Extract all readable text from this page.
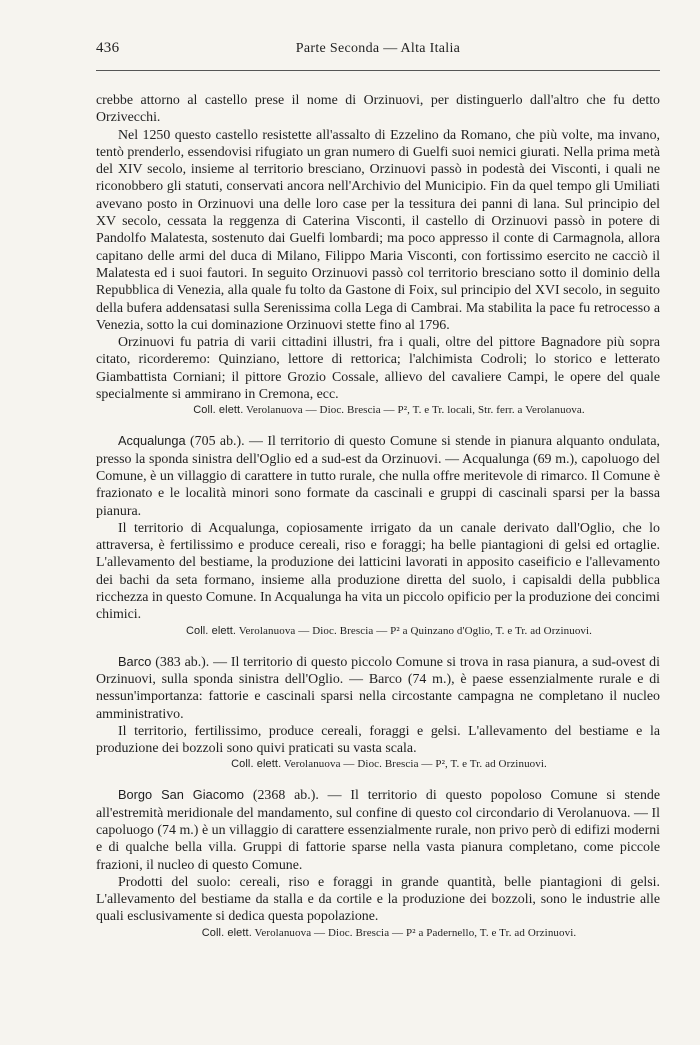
436	Parte Seconda — Alta Italia

crebbe attorno al castello prese il nome di Orzinuovi, per distinguerlo dall'altro che fu detto Orzivecchi.

Nel 1250 questo castello resistette all'assalto di Ezzelino da Romano, che più volte, ma invano, tentò prenderlo, essendovisi rifugiato un gran numero di Guelfi suoi nemici giurati. Nella prima metà del XIV secolo, insieme al territorio bresciano, Orzinuovi passò in podestà dei Visconti, i quali ne riconobbero gli statuti, conservati ancora nell'Archivio del Municipio. Fin da quel tempo gli Umiliati avevano posto in Orzinuovi una delle loro case per la tessitura dei panni di lana. Sul principio del XV secolo, cessata la reggenza di Caterina Visconti, il castello di Orzinuovi passò in potere di Pandolfo Malatesta, sostenuto dai Guelfi lombardi; ma poco appresso il conte di Carmagnola, allora capitano delle armi del duca di Milano, Filippo Maria Visconti, con fortissimo esercito ne cacciò il Malatesta ed i suoi fautori. In seguito Orzinuovi passò col territorio bresciano sotto il dominio della Repubblica di Venezia, alla quale fu tolto da Gastone di Foix, sul principio del XVI secolo, in seguito della bufera addensatasi sulla Serenissima colla Lega di Cambrai. Ma stabilita la pace fu retrocesso a Venezia, sotto la cui dominazione Orzinuovi stette fino al 1796.

Orzinuovi fu patria di varii cittadini illustri, fra i quali, oltre del pittore Bagnadore più sopra citato, ricorderemo: Quinziano, lettore di rettorica; l'alchimista Codroli; lo storico e letterato Giambattista Corniani; il pittore Grozio Cossale, allievo del cavaliere Campi, le opere del quale specialmente si ammirano in Cremona, ecc.

Coll. elett. Verolanuova — Dioc. Brescia — P², T. e Tr. locali, Str. ferr. a Verolanuova.

Acqualunga (705 ab.). — Il territorio di questo Comune si stende in pianura alquanto ondulata, presso la sponda sinistra dell'Oglio ed a sud-est da Orzinuovi. — Acqualunga (69 m.), capoluogo del Comune, è un villaggio di carattere in tutto rurale, che nulla offre meritevole di rimarco. Il Comune è frazionato e le località minori sono formate da cascinali e gruppi di cascinali sparsi per la bassa pianura.

Il territorio di Acqualunga, copiosamente irrigato da un canale derivato dall'Oglio, che lo attraversa, è fertilissimo e produce cereali, riso e foraggi; ha belle piantagioni di gelsi ed ortaglie. L'allevamento del bestiame, la produzione dei latticini lavorati in apposito caseificio e l'allevamento dei bachi da seta formano, insieme alla produzione diretta del suolo, i capisaldi della pubblica ricchezza in questo Comune. In Acqualunga ha vita un piccolo opificio per la produzione dei concimi chimici.

Coll. elett. Verolanuova — Dioc. Brescia — P² a Quinzano d'Oglio, T. e Tr. ad Orzinuovi.

Barco (383 ab.). — Il territorio di questo piccolo Comune si trova in rasa pianura, a sud-ovest di Orzinuovi, sulla sponda sinistra dell'Oglio. — Barco (74 m.), è paese essenzialmente rurale e di nessun'importanza: fattorie e cascinali sparsi nella circostante campagna ne completano il nucleo amministrativo.

Il territorio, fertilissimo, produce cereali, foraggi e gelsi. L'allevamento del bestiame e la produzione dei bozzoli sono quivi praticati su vasta scala.

Coll. elett. Verolanuova — Dioc. Brescia — P², T. e Tr. ad Orzinuovi.

Borgo San Giacomo (2368 ab.). — Il territorio di questo popoloso Comune si stende all'estremità meridionale del mandamento, sul confine di questo col circondario di Verolanuova. — Il capoluogo (74 m.) è un villaggio di carattere essenzialmente rurale, non privo però di edifizi moderni e di qualche bella villa. Gruppi di fattorie sparse nella vasta pianura completano, come piccole frazioni, il nucleo di questo Comune.

Prodotti del suolo: cereali, riso e foraggi in grande quantità, belle piantagioni di gelsi. L'allevamento del bestiame da stalla e da cortile e la produzione dei bozzoli, sono le industrie alle quali esclusivamente si dedica questa popolazione.

Coll. elett. Verolanuova — Dioc. Brescia — P² a Padernello, T. e Tr. ad Orzinuovi.
